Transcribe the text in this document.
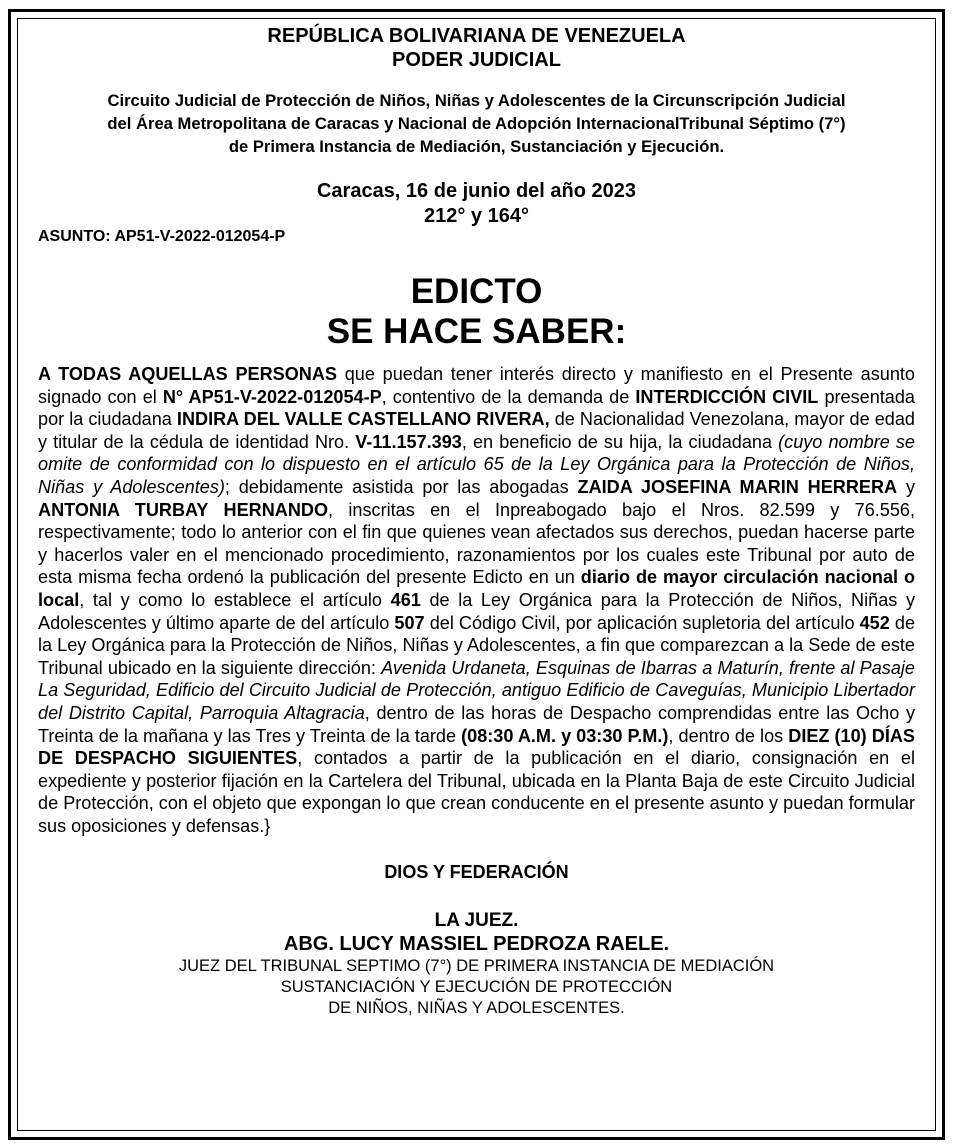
REPÚBLICA BOLIVARIANA DE VENEZUELA
PODER JUDICIAL
Circuito Judicial de Protección de Niños, Niñas y Adolescentes de la Circunscripción Judicial
del Área Metropolitana de Caracas y Nacional de Adopción InternacionalTribunal Séptimo (7°)
de Primera Instancia de Mediación, Sustanciación y Ejecución.
Caracas, 16 de junio del año 2023
212° y 164°
ASUNTO: AP51-V-2022-012054-P
EDICTO
SE HACE SABER:
A TODAS AQUELLAS PERSONAS que puedan tener interés directo y manifiesto en el Presente asunto signado con el N° AP51-V-2022-012054-P, contentivo de la demanda de INTERDICCIÓN CIVIL presentada por la ciudadana INDIRA DEL VALLE CASTELLANO RIVERA, de Nacionalidad Venezolana, mayor de edad y titular de la cédula de identidad Nro. V-11.157.393, en beneficio de su hija, la ciudadana (cuyo nombre se omite de conformidad con lo dispuesto en el artículo 65 de la Ley Orgánica para la Protección de Niños, Niñas y Adolescentes); debidamente asistida por las abogadas ZAIDA JOSEFINA MARIN HERRERA y ANTONIA TURBAY HERNANDO, inscritas en el Inpreabogado bajo el Nros. 82.599 y 76.556, respectivamente; todo lo anterior con el fin que quienes vean afectados sus derechos, puedan hacerse parte y hacerlos valer en el mencionado procedimiento, razonamientos por los cuales este Tribunal por auto de esta misma fecha ordenó la publicación del presente Edicto en un diario de mayor circulación nacional o local, tal y como lo establece el artículo 461 de la Ley Orgánica para la Protección de Niños, Niñas y Adolescentes y último aparte de del artículo 507 del Código Civil, por aplicación supletoria del artículo 452 de la Ley Orgánica para la Protección de Niños, Niñas y Adolescentes, a fin que comparezcan a la Sede de este Tribunal ubicado en la siguiente dirección: Avenida Urdaneta, Esquinas de Ibarras a Maturín, frente al Pasaje La Seguridad, Edificio del Circuito Judicial de Protección, antiguo Edificio de Caveguías, Municipio Libertador del Distrito Capital, Parroquia Altagracia, dentro de las horas de Despacho comprendidas entre las Ocho y Treinta de la mañana y las Tres y Treinta de la tarde (08:30 A.M. y 03:30 P.M.), dentro de los DIEZ (10) DÍAS DE DESPACHO SIGUIENTES, contados a partir de la publicación en el diario, consignación en el expediente y posterior fijación en la Cartelera del Tribunal, ubicada en la Planta Baja de este Circuito Judicial de Protección, con el objeto que expongan lo que crean conducente en el presente asunto y puedan formular sus oposiciones y defensas.}
DIOS Y FEDERACIÓN
LA JUEZ.
ABG. LUCY MASSIEL PEDROZA RAELE.
JUEZ DEL TRIBUNAL SEPTIMO (7°) DE PRIMERA INSTANCIA DE MEDIACIÓN
SUSTANCIACIÓN Y EJECUCIÓN DE PROTECCIÓN
DE NIÑOS, NIÑAS Y ADOLESCENTES.
